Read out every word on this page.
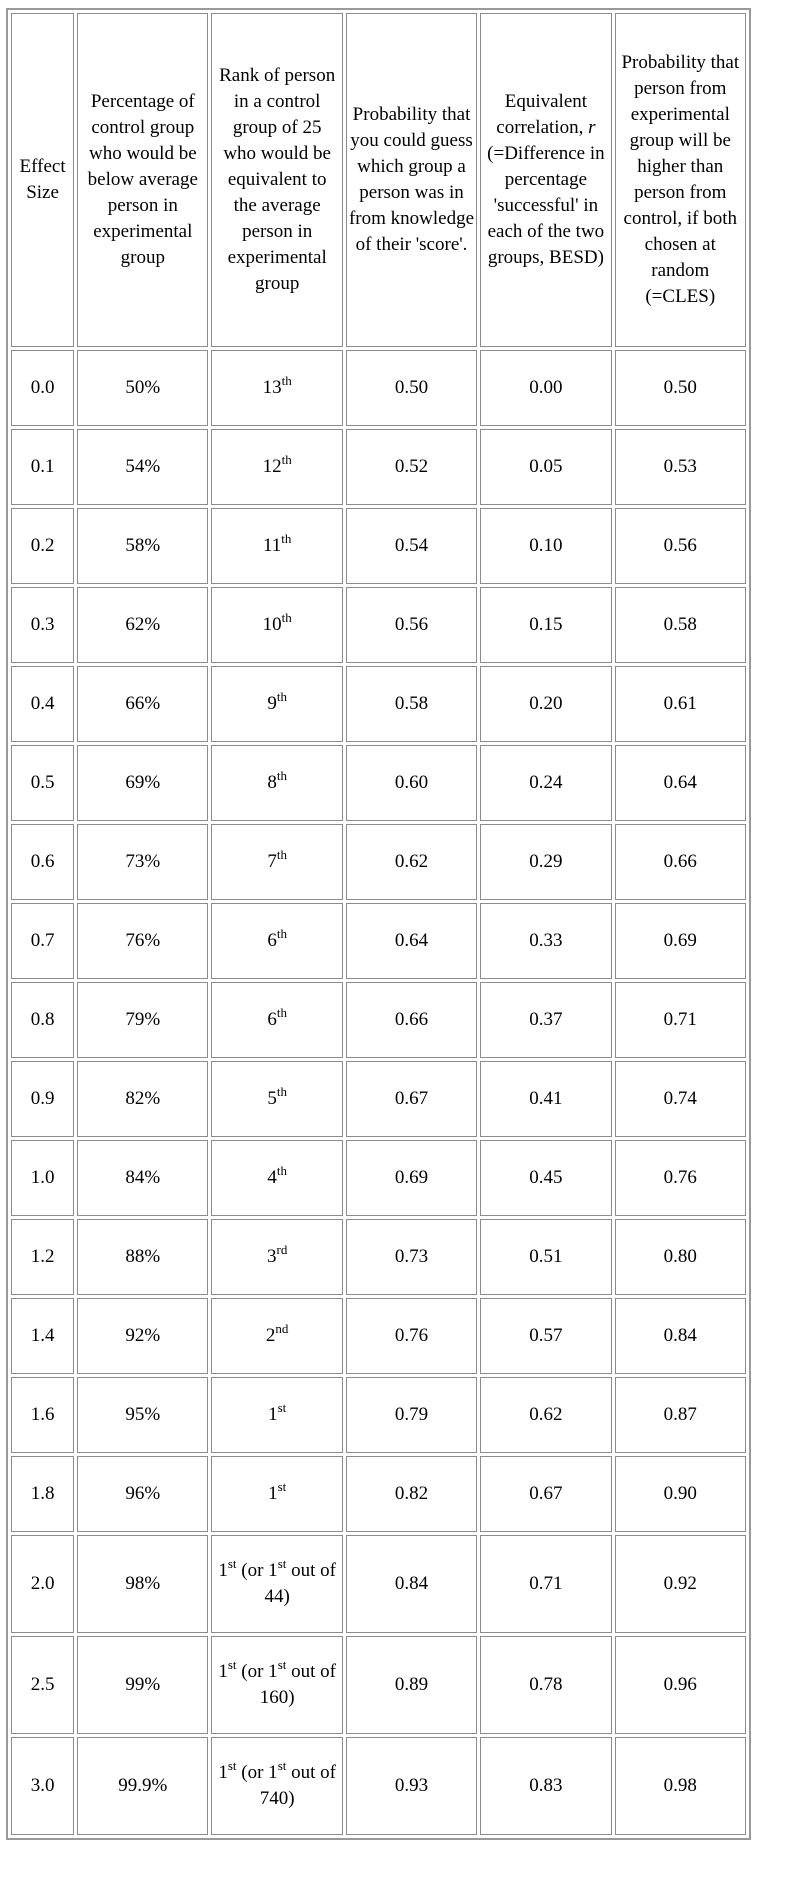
Effect Size	Percentage of control group who would be below average person in experimental group	Rank of person in a control group of 25 who would be equivalent to the average person in experimental group	Probability that you could guess which group a person was in from knowledge of their 'score'.	Equivalent correlation, r (=Difference in percentage 'successful' in each of the two groups, BESD)	Probability that person from experimental group will be higher than person from control, if both chosen at random (=CLES)
0.0	50%	13th	0.50	0.00	0.50
0.1	54%	12th	0.52	0.05	0.53
0.2	58%	11th	0.54	0.10	0.56
0.3	62%	10th	0.56	0.15	0.58
0.4	66%	9th	0.58	0.20	0.61
0.5	69%	8th	0.60	0.24	0.64
0.6	73%	7th	0.62	0.29	0.66
0.7	76%	6th	0.64	0.33	0.69
0.8	79%	6th	0.66	0.37	0.71
0.9	82%	5th	0.67	0.41	0.74
1.0	84%	4th	0.69	0.45	0.76
1.2	88%	3rd	0.73	0.51	0.80
1.4	92%	2nd	0.76	0.57	0.84
1.6	95%	1st	0.79	0.62	0.87
1.8	96%	1st	0.82	0.67	0.90
2.0	98%	1st (or 1st out of 44)	0.84	0.71	0.92
2.5	99%	1st (or 1st out of 160)	0.89	0.78	0.96
3.0	99.9%	1st (or 1st out of 740)	0.93	0.83	0.98
